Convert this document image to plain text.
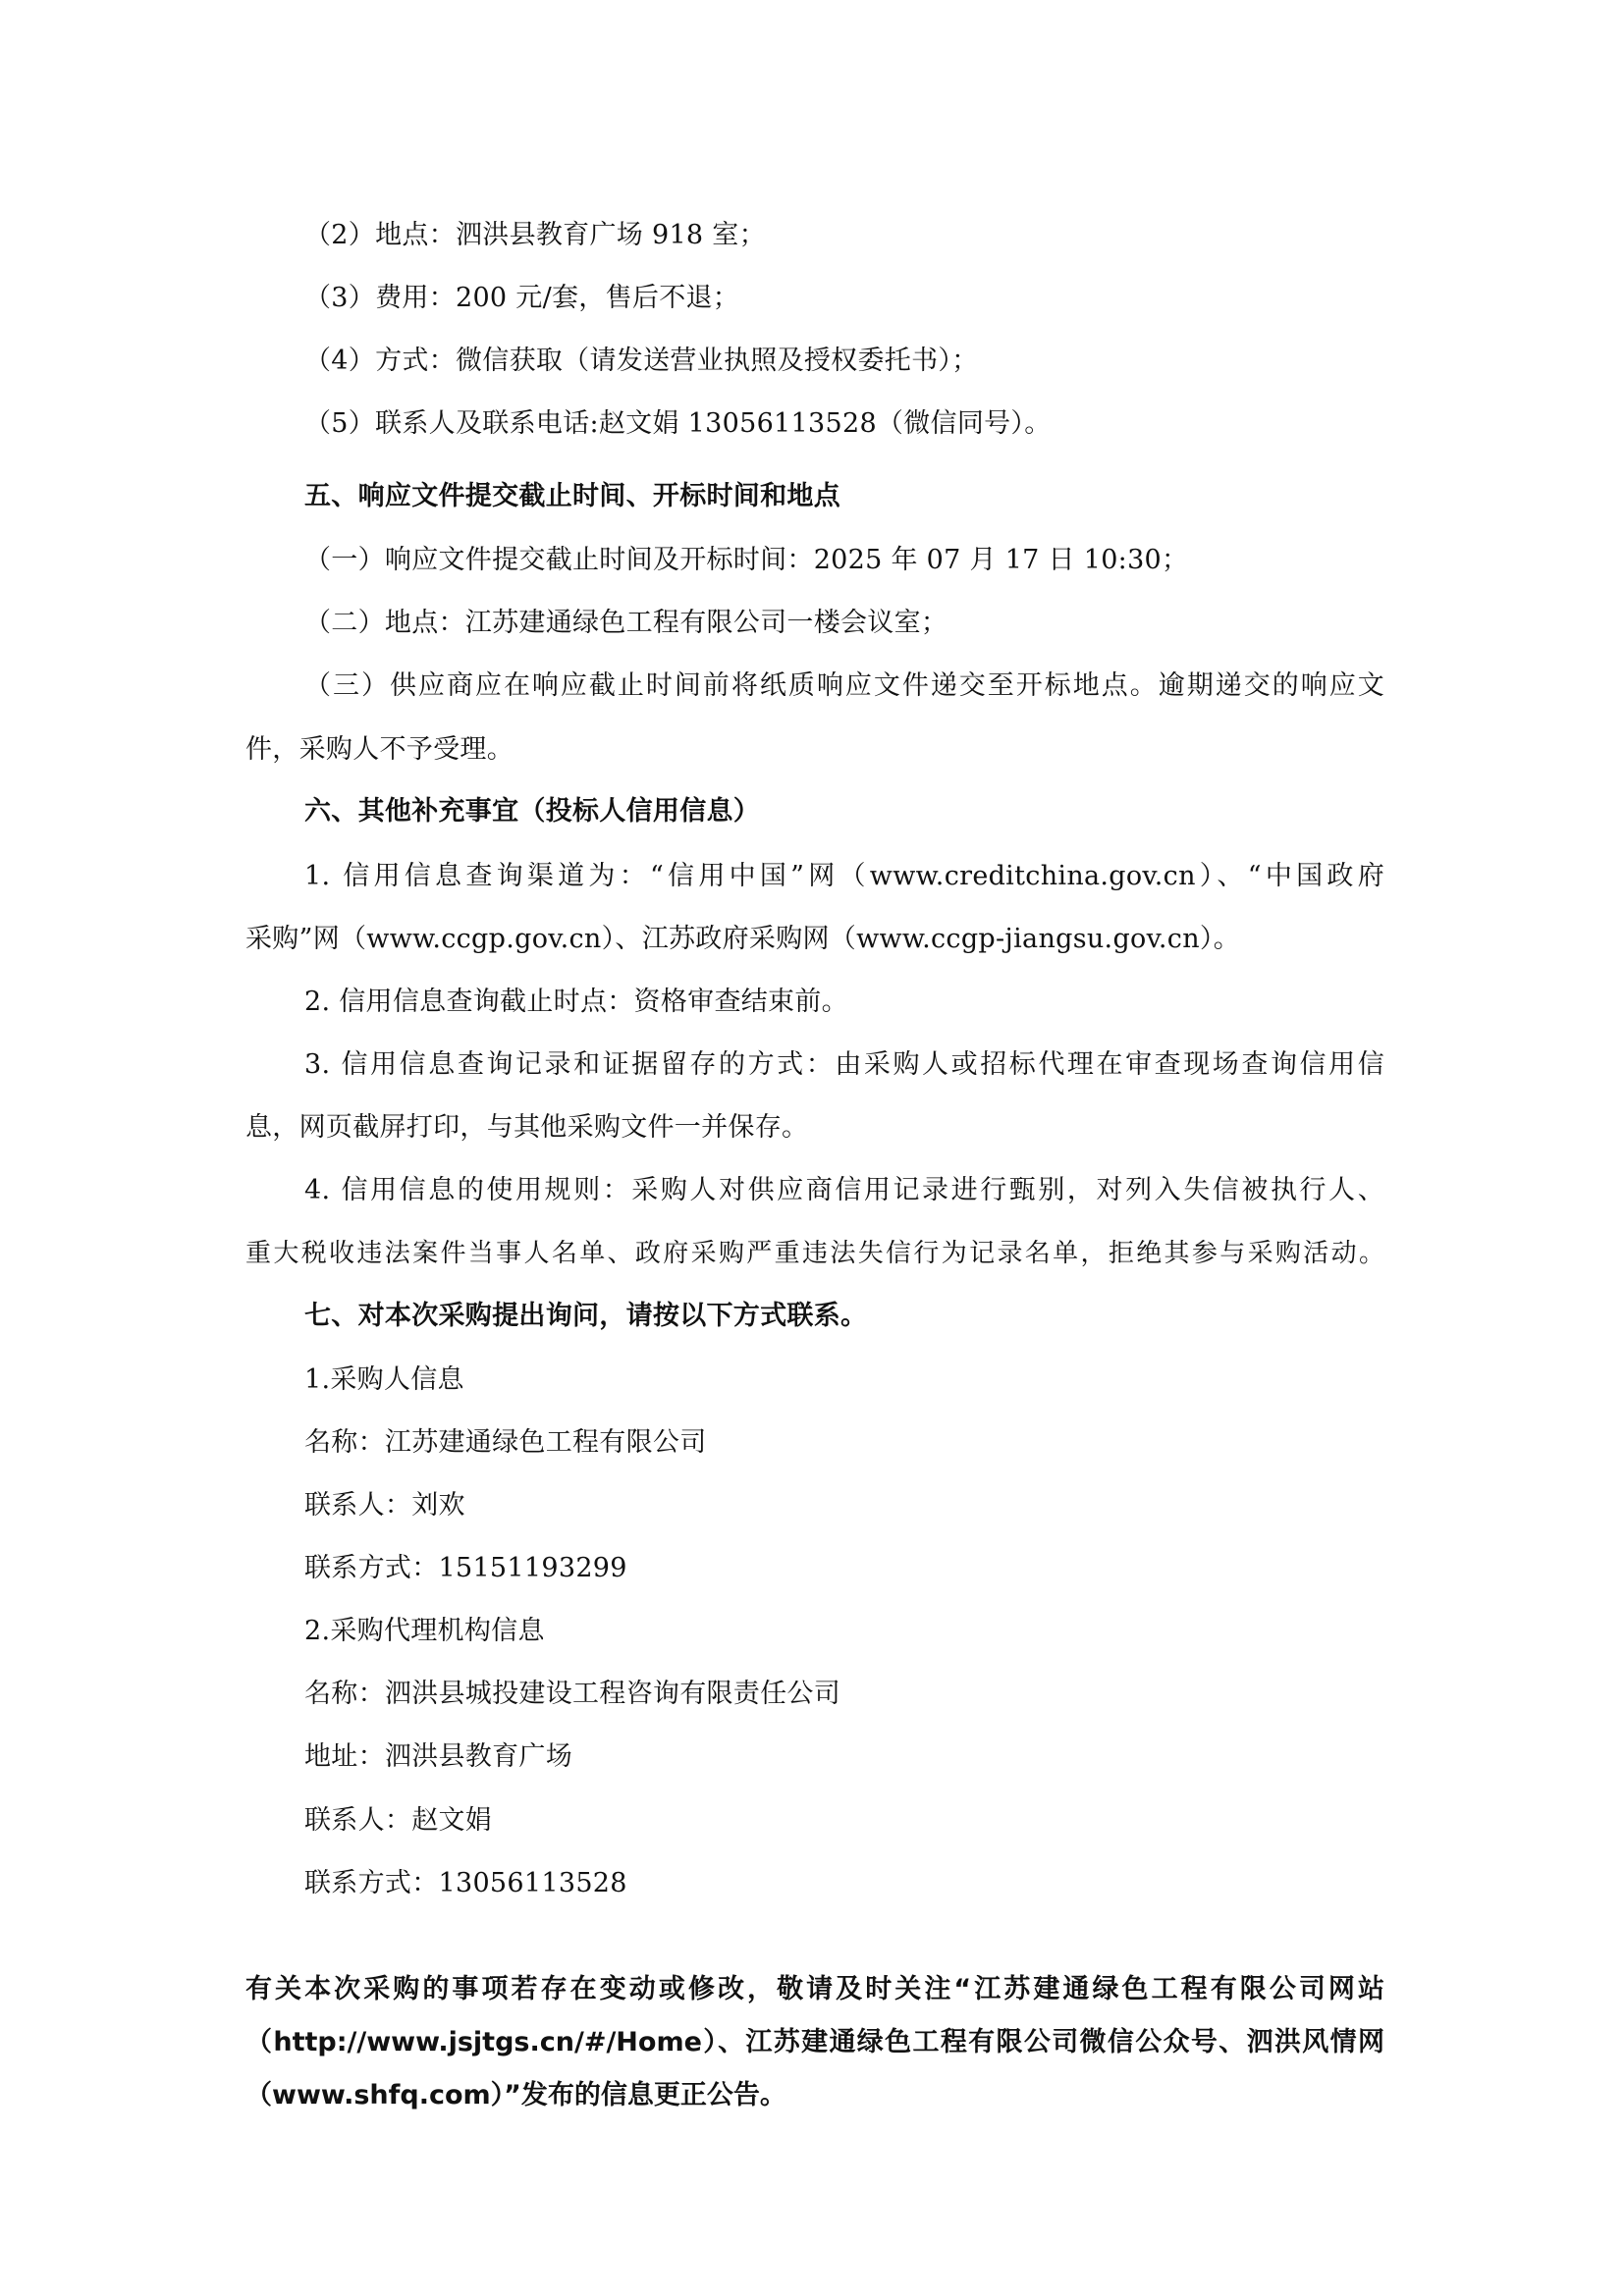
（2）地点：泗洪县教育广场 918 室；
（3）费用：200 元/套，售后不退；
（4）方式：微信获取（请发送营业执照及授权委托书）；
（5）联系人及联系电话:赵文娟 13056113528（微信同号）。
五、响应文件提交截止时间、开标时间和地点
（一）响应文件提交截止时间及开标时间：2025 年 07 月 17 日 10:30；
（二）地点：江苏建通绿色工程有限公司一楼会议室；
（三）供应商应在响应截止时间前将纸质响应文件递交至开标地点。逾期递交的响应文
件，采购人不予受理。
六、其他补充事宜（投标人信用信息）
1. 信用信息查询渠道为：“信用中国”网（www.creditchina.gov.cn）、“中国政府
采购”网（www.ccgp.gov.cn）、江苏政府采购网（www.ccgp-jiangsu.gov.cn）。
2. 信用信息查询截止时点：资格审查结束前。
3. 信用信息查询记录和证据留存的方式：由采购人或招标代理在审查现场查询信用信
息，网页截屏打印，与其他采购文件一并保存。
4. 信用信息的使用规则：采购人对供应商信用记录进行甄别，对列入失信被执行人、
重大税收违法案件当事人名单、政府采购严重违法失信行为记录名单，拒绝其参与采购活动。
七、对本次采购提出询问，请按以下方式联系。
1.采购人信息
名称：江苏建通绿色工程有限公司
联系人：刘欢
联系方式：15151193299
2.采购代理机构信息
名称：泗洪县城投建设工程咨询有限责任公司
地址：泗洪县教育广场
联系人：赵文娟
联系方式：13056113528
有关本次采购的事项若存在变动或修改，敬请及时关注“江苏建通绿色工程有限公司网站
（http://www.jsjtgs.cn/#/Home）、江苏建通绿色工程有限公司微信公众号、泗洪风情网
（www.shfq.com）”发布的信息更正公告。
